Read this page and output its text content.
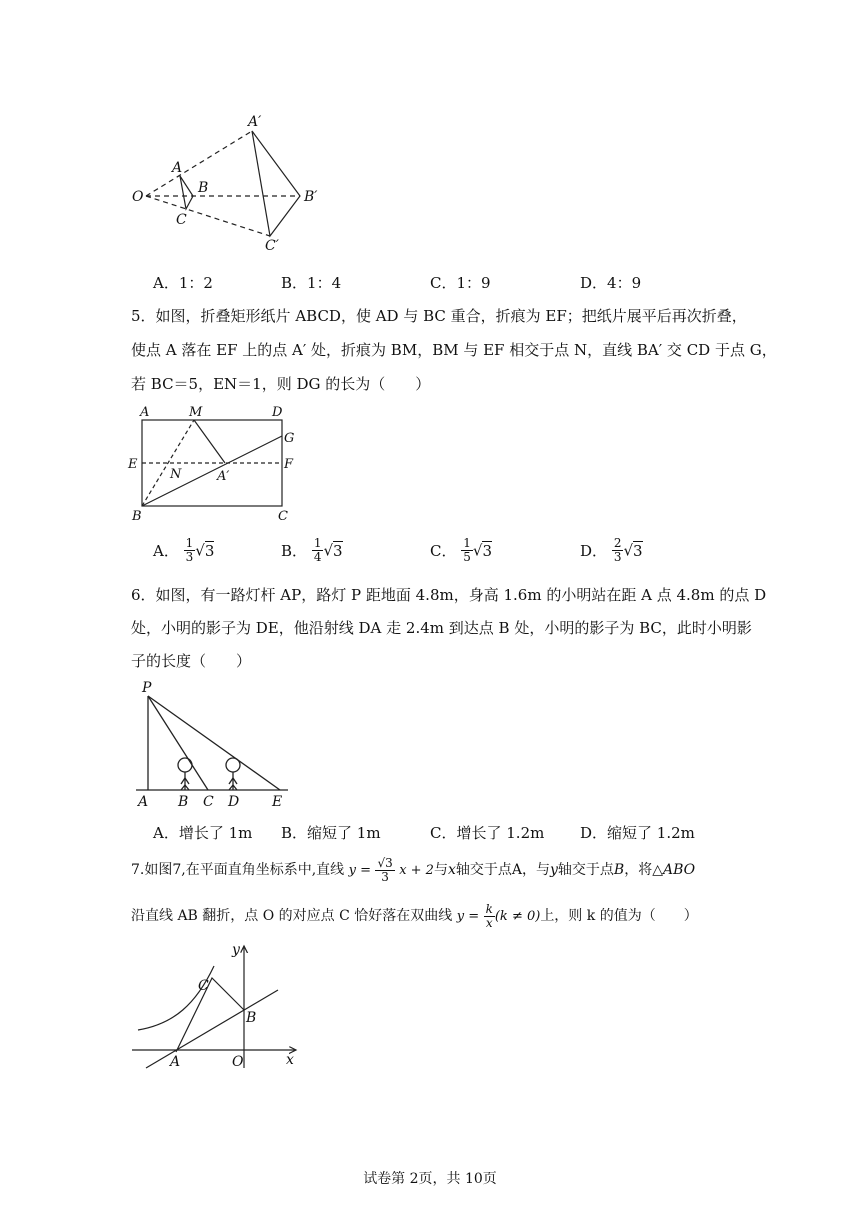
O
A
B
C
A′
B′
C′
A．1：2	B．1：4	C．1：9	D．4：9
5．如图，折叠矩形纸片 ABCD，使 AD 与 BC 重合，折痕为 EF；把纸片展平后再次折叠，
使点 A 落在 EF 上的点 A′ 处，折痕为 BM，BM 与 EF 相交于点 N，直线 BA′ 交 CD 于点 G，
若 BC＝5，EN＝1，则 DG 的长为（　　）
A	M	D
G
E
N	A′
F
B	C
A． $\frac{1}{3} √3$	B． $\frac{1}{4} √3$	C． $\frac{1}{5} √3$	D． $\frac{2}{3} √3$
6．如图，有一路灯杆 AP，路灯 P 距地面 4.8m，身高 1.6m 的小明站在距 A 点 4.8m 的点 D
处，小明的影子为 DE，他沿射线 DA 走 2.4m 到达点 B 处，小明的影子为 BC，此时小明影
子的长度（　　）
P
A B C D E
A．增长了 1m B．缩短了 1m	C．增长了 1.2m D．缩短了 1.2m
7.如图7,在平面直角坐标系中,直线 $y = \frac{√3}{3}$ x + 2与x轴交于点A，与y轴交于点B，将△ABO
沿直线 AB 翻折，点 O 的对应点 C 恰好落在双曲线 $y = \frac{k}{x} (k \ne 0)$上，则 k 的值为（　　）
y
x
C
B
A	O
试卷第 2页，共 10页
